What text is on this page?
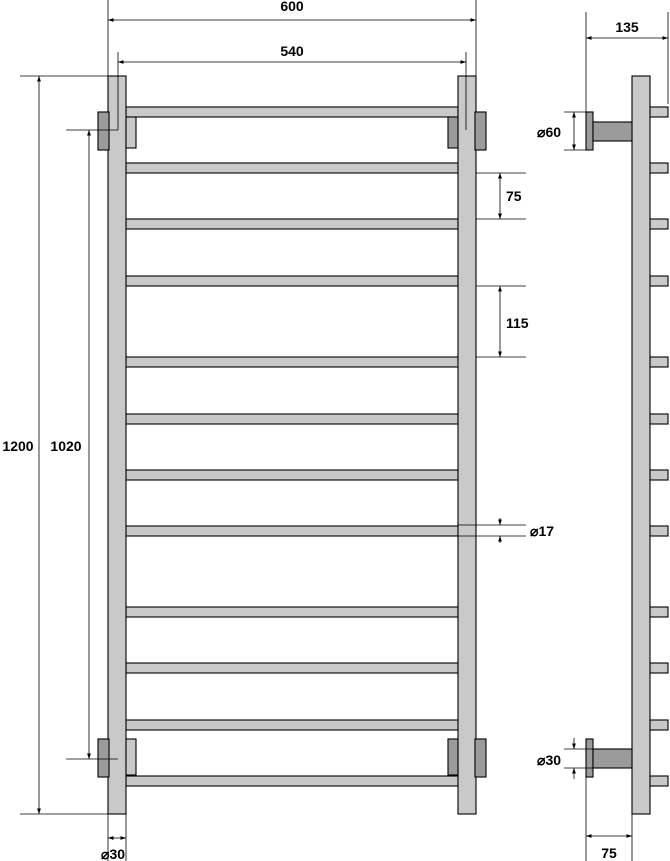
600
540
1200 1020
75
115
⌀17
⌀30
135
⌀60
⌀30
75
